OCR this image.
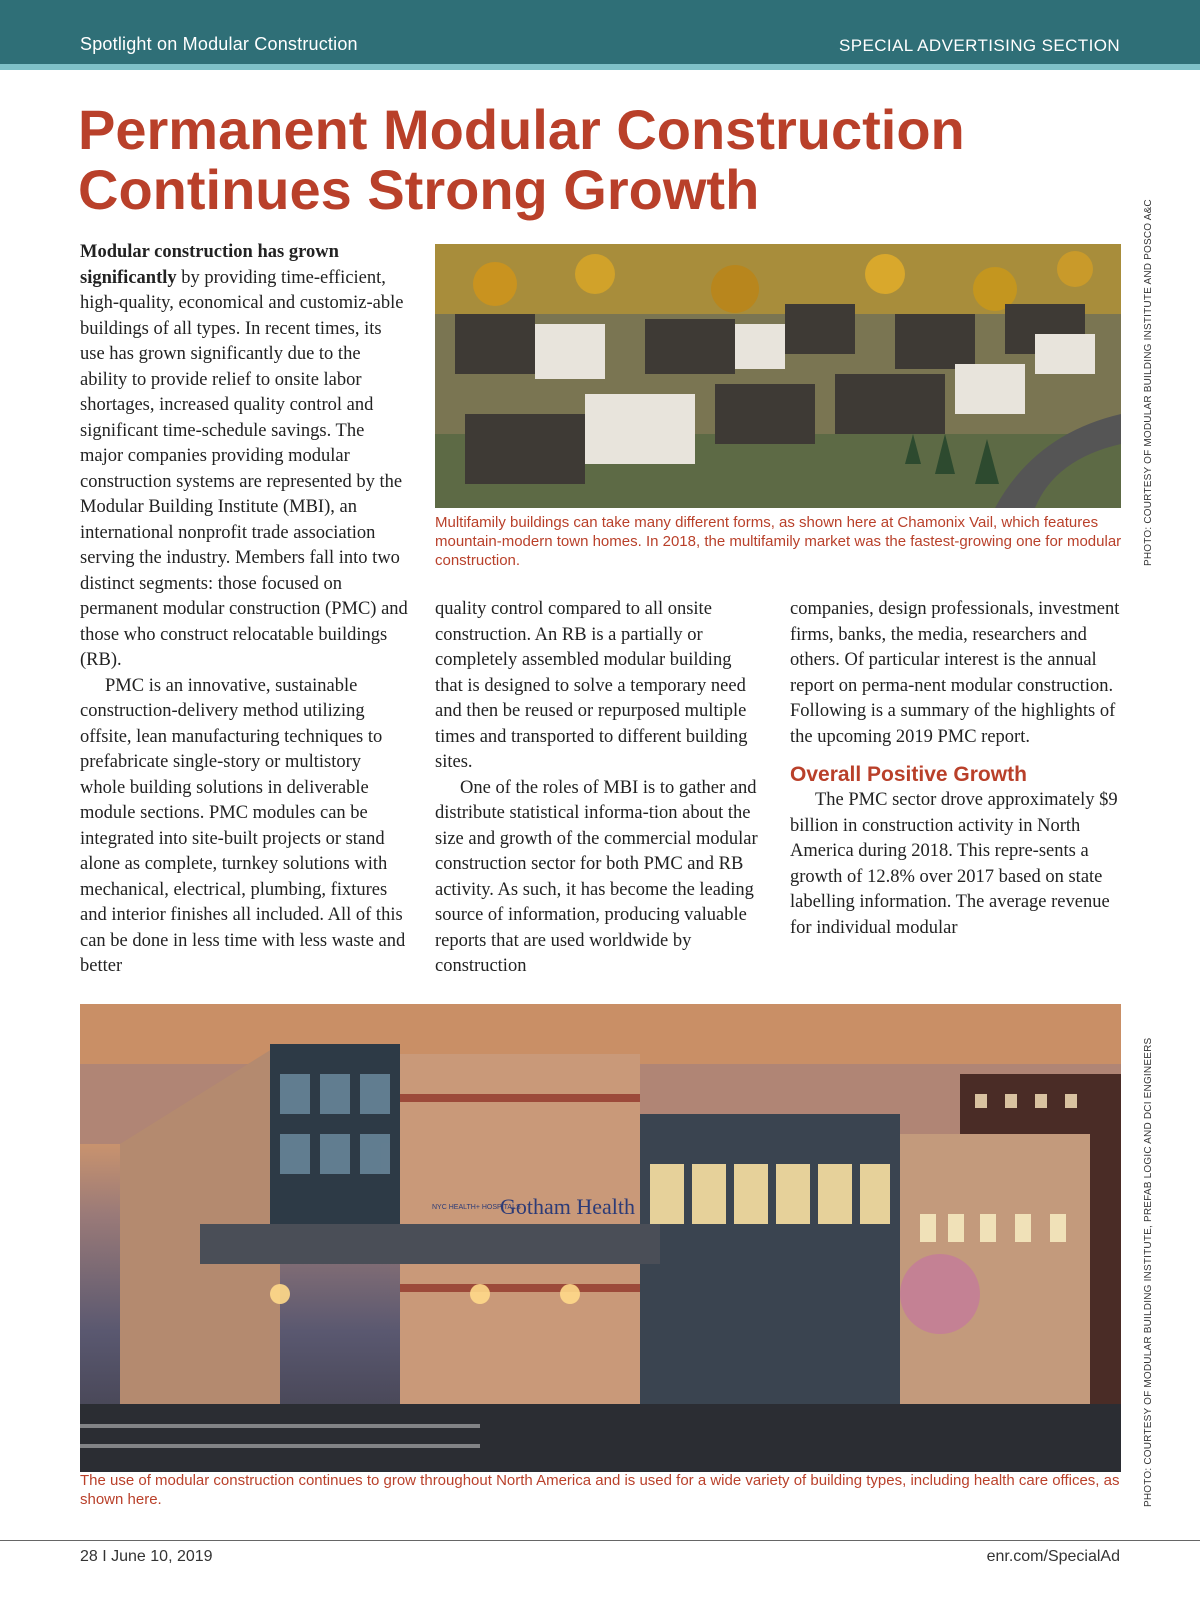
Spotlight on Modular Construction	SPECIAL ADVERTISING SECTION
Permanent Modular Construction
Continues Strong Growth

Modular construction has grown significantly by providing time-efficient, high-quality, economical and customiz-able buildings of all types. In recent times, its use has grown significantly due to the ability to provide relief to onsite labor shortages, increased quality control and significant time-schedule savings. The major companies providing modular construction systems are represented by the Modular Building Institute (MBI), an international nonprofit trade association serving the industry. Members fall into two distinct segments: those focused on permanent modular construction (PMC) and those who construct relocatable buildings (RB).

PMC is an innovative, sustainable construction-delivery method utilizing offsite, lean manufacturing techniques to prefabricate single-story or multistory whole building solutions in deliverable module sections. PMC modules can be integrated into site-built projects or stand alone as complete, turnkey solutions with mechanical, electrical, plumbing, fixtures and interior finishes all included. All of this can be done in less time with less waste and better

Multifamily buildings can take many different forms, as shown here at Chamonix Vail, which features mountain-modern town homes. In 2018, the multifamily market was the fastest-growing one for modular construction.	PHOTO: COURTESY OF MODULAR BUILDING INSTITUTE AND POSCO A&C

quality control compared to all onsite construction. An RB is a partially or completely assembled modular building that is designed to solve a temporary need and then be reused or repurposed multiple times and transported to different building sites.

One of the roles of MBI is to gather and distribute statistical informa-tion about the size and growth of the commercial modular construction sector for both PMC and RB activity. As such, it has become the leading source of information, producing valuable reports that are used worldwide by construction

companies, design professionals, investment firms, banks, the media, researchers and others. Of particular interest is the annual report on perma-nent modular construction. Following is a summary of the highlights of the upcoming 2019 PMC report.

Overall Positive Growth

The PMC sector drove approximately $9 billion in construction activity in North America during 2018. This repre-sents a growth of 12.8% over 2017 based on state labelling information. The average revenue for individual modular

Gotham Health
NYC HEALTH+ HOSPITALS
The use of modular construction continues to grow throughout North America and is used for a wide variety of building types, including health care offices, as shown here.	PHOTO: COURTESY OF MODULAR BUILDING INSTITUTE, PREFAB LOGIC AND DCI ENGINEERS
28 I June 10, 2019	enr.com/SpecialAd
